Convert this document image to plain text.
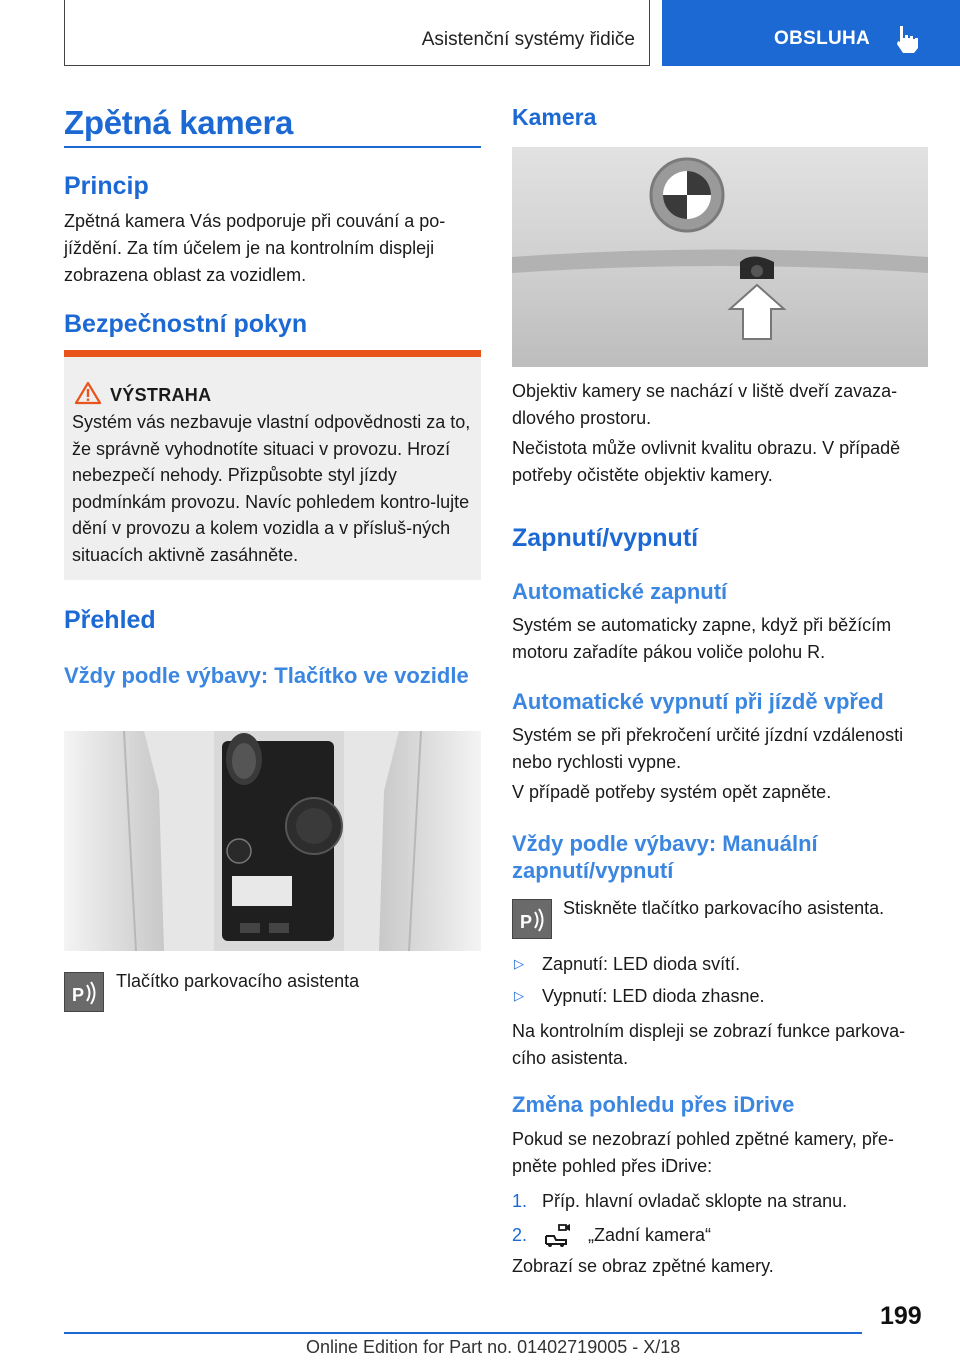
Asistenční systémy řidiče	OBSLUHA
Zpětná kamera
Princip
Zpětná kamera Vás podporuje při couvání a po-jíždění. Za tím účelem je na kontrolním displeji zobrazena oblast za vozidlem.
Bezpečnostní pokyn
VÝSTRAHA
Systém vás nezbavuje vlastní odpovědnosti za to, že správně vyhodnotíte situaci v provozu. Hrozí nebezpečí nehody. Přizpůsobte styl jízdy podmínkám provozu. Navíc pohledem kontro-lujte dění v provozu a kolem vozidla a v přísluš-ných situacích aktivně zasáhněte.
Přehled
Vždy podle výbavy: Tlačítko ve vozidle
P
Tlačítko parkovacího asistenta
Kamera
Objektiv kamery se nachází v liště dveří zavaza-dlového prostoru.
Nečistota může ovlivnit kvalitu obrazu. V případě potřeby očistěte objektiv kamery.
Zapnutí/vypnutí
Automatické zapnutí
Systém se automaticky zapne, když při běžícím motoru zařadíte pákou voliče polohu R.
Automatické vypnutí při jízdě vpřed
Systém se při překročení určité jízdní vzdálenosti nebo rychlosti vypne.
V případě potřeby systém opět zapněte.
Vždy podle výbavy: Manuální zapnutí/vypnutí
P
Stiskněte tlačítko parkovacího asistenta.
▷ Zapnutí: LED dioda svítí.
▷ Vypnutí: LED dioda zhasne.
Na kontrolním displeji se zobrazí funkce parkova-cího asistenta.
Změna pohledu přes iDrive
Pokud se nezobrazí pohled zpětné kamery, pře-pněte pohled přes iDrive:
1. Příp. hlavní ovladač sklopte na stranu.
2.	„Zadní kamera“
Zobrazí se obraz zpětné kamery.
199
Online Edition for Part no. 01402719005 - X/18
